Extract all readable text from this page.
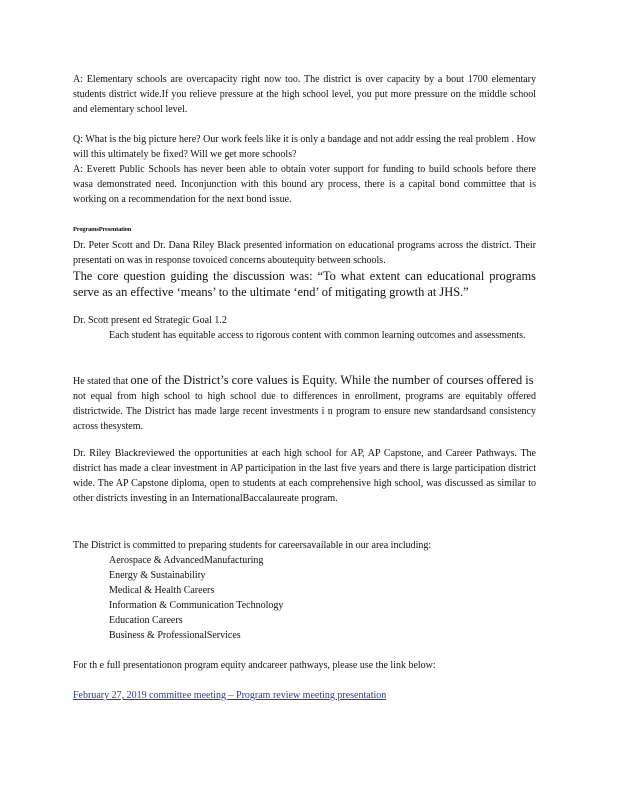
A: Elementary schools are overcapacity right now too. The district is over capacity by a bout 1700 elementary students district wide.If you relieve pressure at the high school level, you put more pressure on the middle school and elementary school level.

Q: What is the big picture here? Our work feels like it is only a bandage and not addr essing the real problem . How will this ultimately be fixed? Will we get more schools?

A: Everett Public Schools has never been able to obtain voter support for funding to build schools before there wasa demonstrated need. Inconjunction with this bound ary process, there is a capital bond committee that is working on a recommendation for the next bond issue.

ProgramsPresentation

Dr. Peter Scott and Dr. Dana Riley Black presented information on educational programs across the district. Their presentati on was in response tovoiced concerns aboutequity between schools.

The core question guiding the discussion was: “To what extent can educational programs serve as an effective ‘means’ to the ultimate ‘end’ of mitigating growth at JHS.”

Dr. Scott present ed Strategic Goal 1.2

Each student has equitable access to rigorous content with common learning outcomes and assessments.

He stated that one of the District’s core values is Equity. While the number of courses offered is

not equal from high school to high school due to differences in enrollment, programs are equitably offered districtwide. The District has made large recent investments i n program to ensure new standardsand consistency across thesystem.

Dr. Riley Blackreviewed the opportunities at each high school for AP, AP Capstone, and Career Pathways. The district has made a clear investment in AP participation in the last five years and there is large participation district wide. The AP Capstone diploma, open to students at each comprehensive high school, was discussed as similar to other districts investing in an InternationalBaccalaureate program.

The District is committed to preparing students for careersavailable in our area including:

Aerospace & AdvancedManufacturing
Energy & Sustainability
Medical & Health Careers
Information & Communication Technology
Education Careers
Business & ProfessionalServices

For th e full presentationon program equity andcareer pathways, please use the link below:

February 27, 2019 committee meeting – Program review meeting presentation
